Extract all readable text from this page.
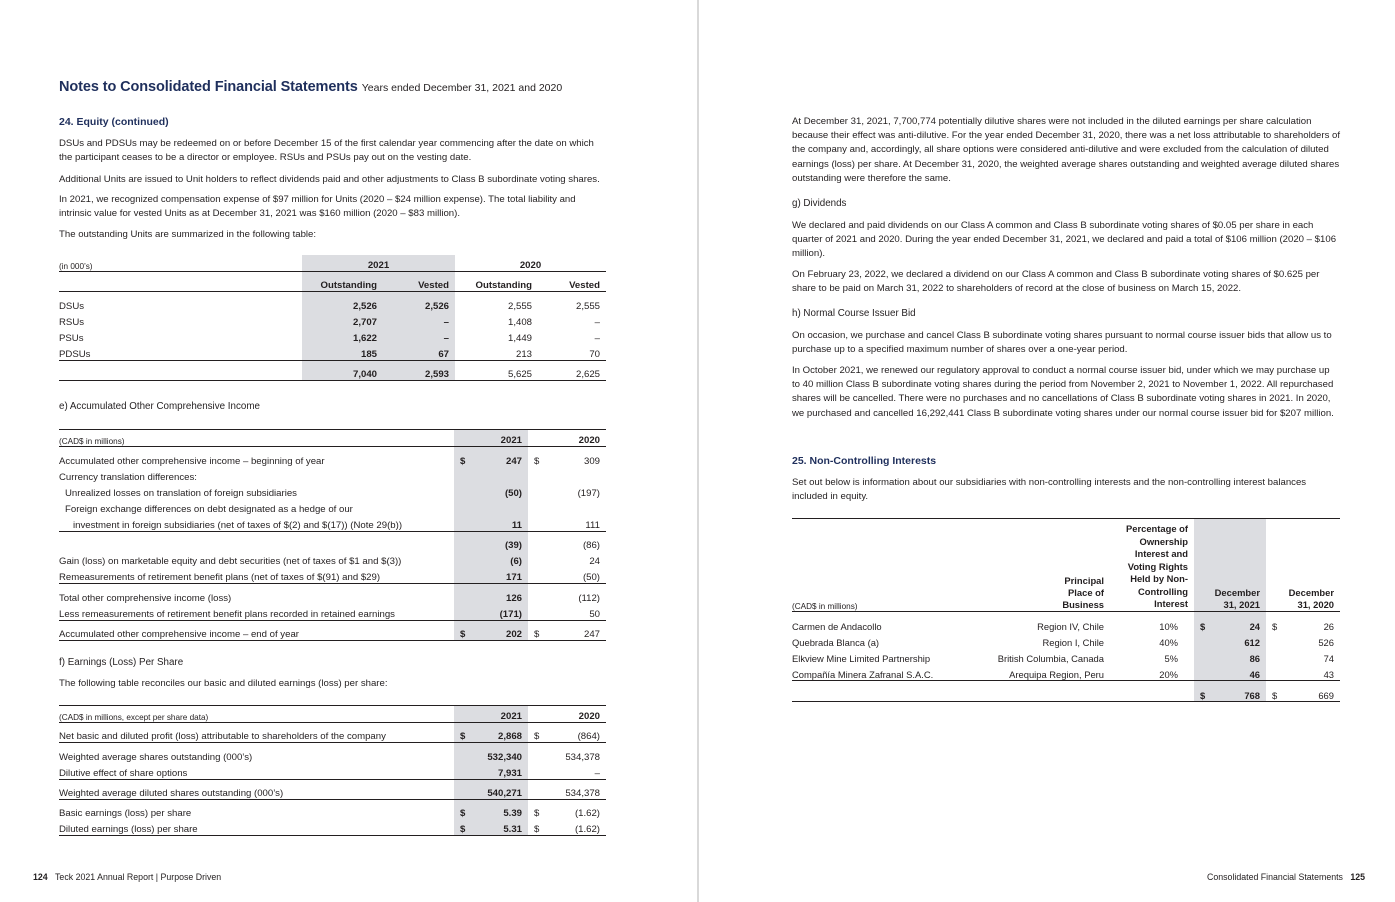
Notes to Consolidated Financial Statements Years ended December 31, 2021 and 2020

24. Equity (continued)

DSUs and PDSUs may be redeemed on or before December 15 of the first calendar year commencing after the date on which the participant ceases to be a director or employee. RSUs and PSUs pay out on the vesting date.

Additional Units are issued to Unit holders to reflect dividends paid and other adjustments to Class B subordinate voting shares.

In 2021, we recognized compensation expense of $97 million for Units (2020 – $24 million expense). The total liability and intrinsic value for vested Units as at December 31, 2021 was $160 million (2020 – $83 million).

The outstanding Units are summarized in the following table:

(in 000’s)	2021		2020	
	Outstanding	Vested	Outstanding	Vested
DSUs	2,526	2,526	2,555	2,555
RSUs	2,707	–	1,408	–
PSUs	1,622	–	1,449	–
PDSUs	185	67	213	70
	7,040	2,593	5,625	2,625

e) Accumulated Other Comprehensive Income

(CAD$ in millions)		2021		2020
Accumulated other comprehensive income – beginning of year	$	247	$	309
Currency translation differences:				
Unrealized losses on translation of foreign subsidiaries		(50)		(197)
Foreign exchange differences on debt designated as a hedge of our				
investment in foreign subsidiaries (net of taxes of $(2) and $(17)) (Note 29(b))		11		111
		(39)		(86)
Gain (loss) on marketable equity and debt securities (net of taxes of $1 and $(3))		(6)		24
Remeasurements of retirement benefit plans (net of taxes of $(91) and $29)		171		(50)
Total other comprehensive income (loss)		126		(112)
Less remeasurements of retirement benefit plans recorded in retained earnings		(171)		50
Accumulated other comprehensive income – end of year	$	202	$	247

f) Earnings (Loss) Per Share

The following table reconciles our basic and diluted earnings (loss) per share:

(CAD$ in millions, except per share data)		2021		2020
Net basic and diluted profit (loss) attributable to shareholders of the company	$	2,868	$	(864)
Weighted average shares outstanding (000’s)		532,340		534,378
Dilutive effect of share options		7,931		–
Weighted average diluted shares outstanding (000’s)		540,271		534,378
Basic earnings (loss) per share	$	5.39	$	(1.62)
Diluted earnings (loss) per share	$	5.31	$	(1.62)
124 Teck 2021 Annual Report | Purpose Driven

At December 31, 2021, 7,700,774 potentially dilutive shares were not included in the diluted earnings per share calculation because their effect was anti-dilutive. For the year ended December 31, 2020, there was a net loss attributable to shareholders of the company and, accordingly, all share options were considered anti-dilutive and were excluded from the calculation of diluted earnings (loss) per share. At December 31, 2020, the weighted average shares outstanding and weighted average diluted shares outstanding were therefore the same.

g) Dividends

We declared and paid dividends on our Class A common and Class B subordinate voting shares of $0.05 per share in each quarter of 2021 and 2020. During the year ended December 31, 2021, we declared and paid a total of $106 million (2020 – $106 million).

On February 23, 2022, we declared a dividend on our Class A common and Class B subordinate voting shares of $0.625 per share to be paid on March 31, 2022 to shareholders of record at the close of business on March 15, 2022.

h) Normal Course Issuer Bid

On occasion, we purchase and cancel Class B subordinate voting shares pursuant to normal course issuer bids that allow us to purchase up to a specified maximum number of shares over a one-year period.

In October 2021, we renewed our regulatory approval to conduct a normal course issuer bid, under which we may purchase up to 40 million Class B subordinate voting shares during the period from November 2, 2021 to November 1, 2022. All repurchased shares will be cancelled. There were no purchases and no cancellations of Class B subordinate voting shares in 2021. In 2020, we purchased and cancelled 16,292,441 Class B subordinate voting shares under our normal course issuer bid for $207 million.

25. Non-Controlling Interests

Set out below is information about our subsidiaries with non-controlling interests and the non-controlling interest balances included in equity.

(CAD$ in millions)	Principal Place of Business	Percentage of Ownership Interest and Voting Rights Held by Non-Controlling Interest	December 31, 2021		December 31, 2020	
Carmen de Andacollo	Region IV, Chile	10%	$	24	$	26
Quebrada Blanca (a)	Region I, Chile	40%		612		526
Elkview Mine Limited Partnership	British Columbia, Canada	5%		86		74
Compañía Minera Zafranal S.A.C.	Arequipa Region, Peru	20%		46		43
			$	768	$	669
Consolidated Financial Statements 125
